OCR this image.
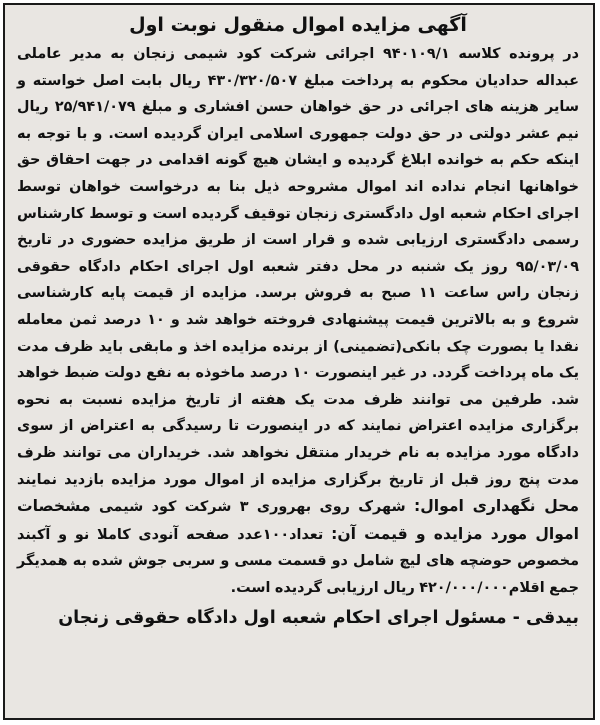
آگهی مزایده اموال منقول نوبت اول

در پرونده کلاسه ۹۴۰۱۰۹/۱ اجرائی شرکت کود شیمی زنجان به مدیر عاملی عبداله حدادیان محکوم به پرداخت مبلغ ۴۳۰/۳۲۰/۵۰۷ ریال بابت اصل خواسته و سایر هزینه های اجرائی در حق خواهان حسن افشاری و مبلغ ۲۵/۹۴۱/۰۷۹ ریال نیم عشر دولتی در حق دولت جمهوری اسلامی ایران گردیده است. و با توجه به اینکه حکم به خوانده ابلاغ گردیده و ایشان هیچ گونه اقدامی در جهت احقاق حق خواهانها انجام نداده اند اموال مشروحه ذیل بنا به درخواست خواهان توسط اجرای احکام شعبه اول دادگستری زنجان توقیف گردیده است و توسط کارشناس رسمی دادگستری ارزیابی شده و قرار است از طریق مزایده حضوری در تاریخ ۹۵/۰۳/۰۹ روز یک شنبه در محل دفتر شعبه اول اجرای احکام دادگاه حقوقی زنجان راس ساعت ۱۱ صبح به فروش برسد. مزایده از قیمت پایه کارشناسی شروع و به بالاترین قیمت پیشنهادی فروخته خواهد شد و ۱۰ درصد ثمن معامله نقدا یا بصورت چک بانکی(تضمینی) از برنده مزایده اخذ و مابقی باید ظرف مدت یک ماه پرداخت گردد. در غیر اینصورت ۱۰ درصد ماخوذه به نفع دولت ضبط خواهد شد. طرفین می توانند ظرف مدت یک هفته از تاریخ مزایده نسبت به نحوه برگزاری مزایده اعتراض نمایند که در اینصورت تا رسیدگی به اعتراض از سوی دادگاه مورد مزایده به نام خریدار منتقل نخواهد شد. خریداران می توانند ظرف مدت پنج روز قبل از تاریخ برگزاری مزایده از اموال مورد مزایده بازدید نمایند محل نگهداری اموال: شهرک روی بهروری ۳ شرکت کود شیمی مشخصات اموال مورد مزایده و قیمت آن: تعداد۱۰۰عدد صفحه آنودی کاملا نو و آکبند مخصوص حوضچه های لیچ شامل دو قسمت مسی و سربی جوش شده به همدیگر جمع اقلام۴۲۰/۰۰۰/۰۰۰ ریال ارزیابی گردیده است.

بیدقی - مسئول اجرای احکام شعبه اول دادگاه حقوقی زنجان
